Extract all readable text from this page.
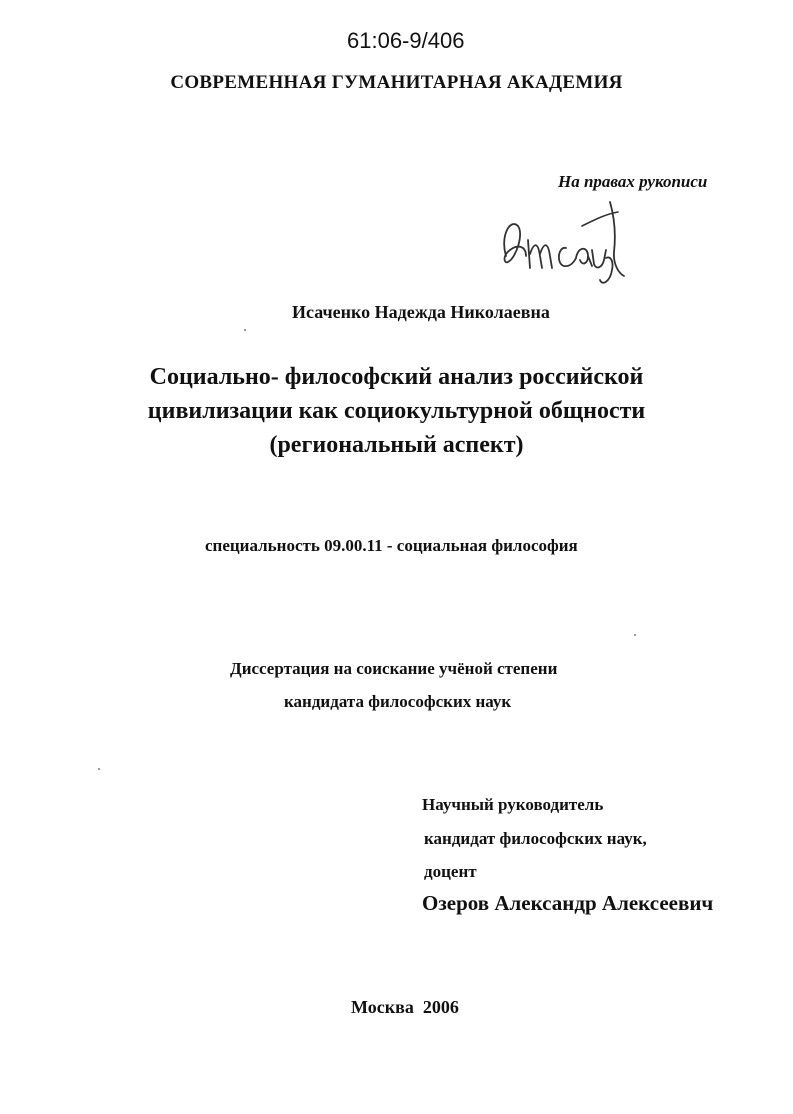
61:06-9/406
СОВРЕМЕННАЯ ГУМАНИТАРНАЯ АКАДЕМИЯ
На правах рукописи
Исаченко Надежда Николаевна
Социально- философский анализ российской
цивилизации как социокультурной общности
(региональный аспект)
специальность 09.00.11 - социальная философия
Диссертация на соискание учёной степени
кандидата философских наук
Научный руководитель
кандидат философских наук,
доцент
Озеров Александр Алексеевич
Москва  2006
